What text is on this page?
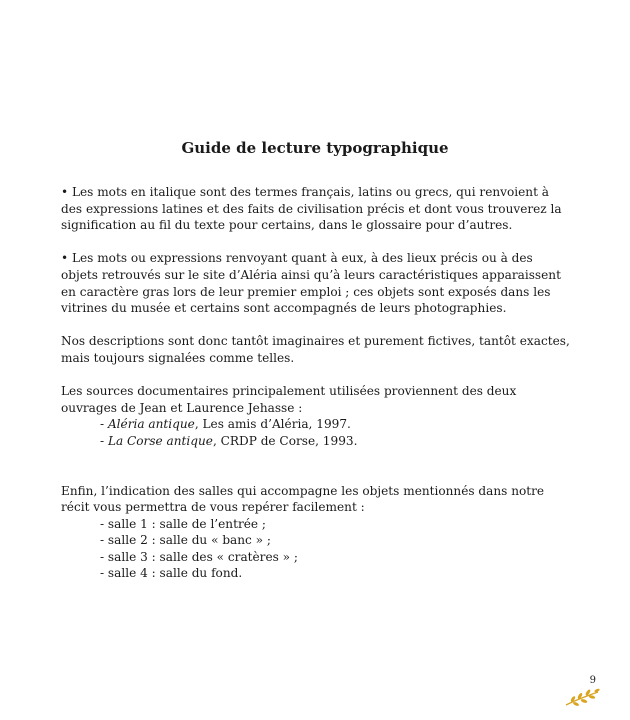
Guide de lecture typographique

• Les mots en italique sont des termes français, latins ou grecs, qui renvoient à des expressions latines et des faits de civilisation précis et dont vous trouverez la signification au fil du texte pour certains, dans le glossaire pour d’autres.

• Les mots ou expressions renvoyant quant à eux, à des lieux précis ou à des objets retrouvés sur le site d’Aléria ainsi qu’à leurs caractéristiques apparaissent en caractère gras lors de leur premier emploi ; ces objets sont exposés dans les vitrines du musée et certains sont accompagnés de leurs photographies.

Nos descriptions sont donc tantôt imaginaires et purement fictives, tantôt exactes, mais toujours signalées comme telles.

Les sources documentaires principalement utilisées proviennent des deux ouvrages de Jean et Laurence Jehasse :

- Aléria antique, Les amis d’Aléria, 1997.

- La Corse antique, CRDP de Corse, 1993.

Enfin, l’indication des salles qui accompagne les objets mentionnés dans notre récit vous permettra de vous repérer facilement :

- salle 1 : salle de l’entrée ;

- salle 2 : salle du « banc » ;

- salle 3 : salle des « cratères » ;

- salle 4 : salle du fond.

9
